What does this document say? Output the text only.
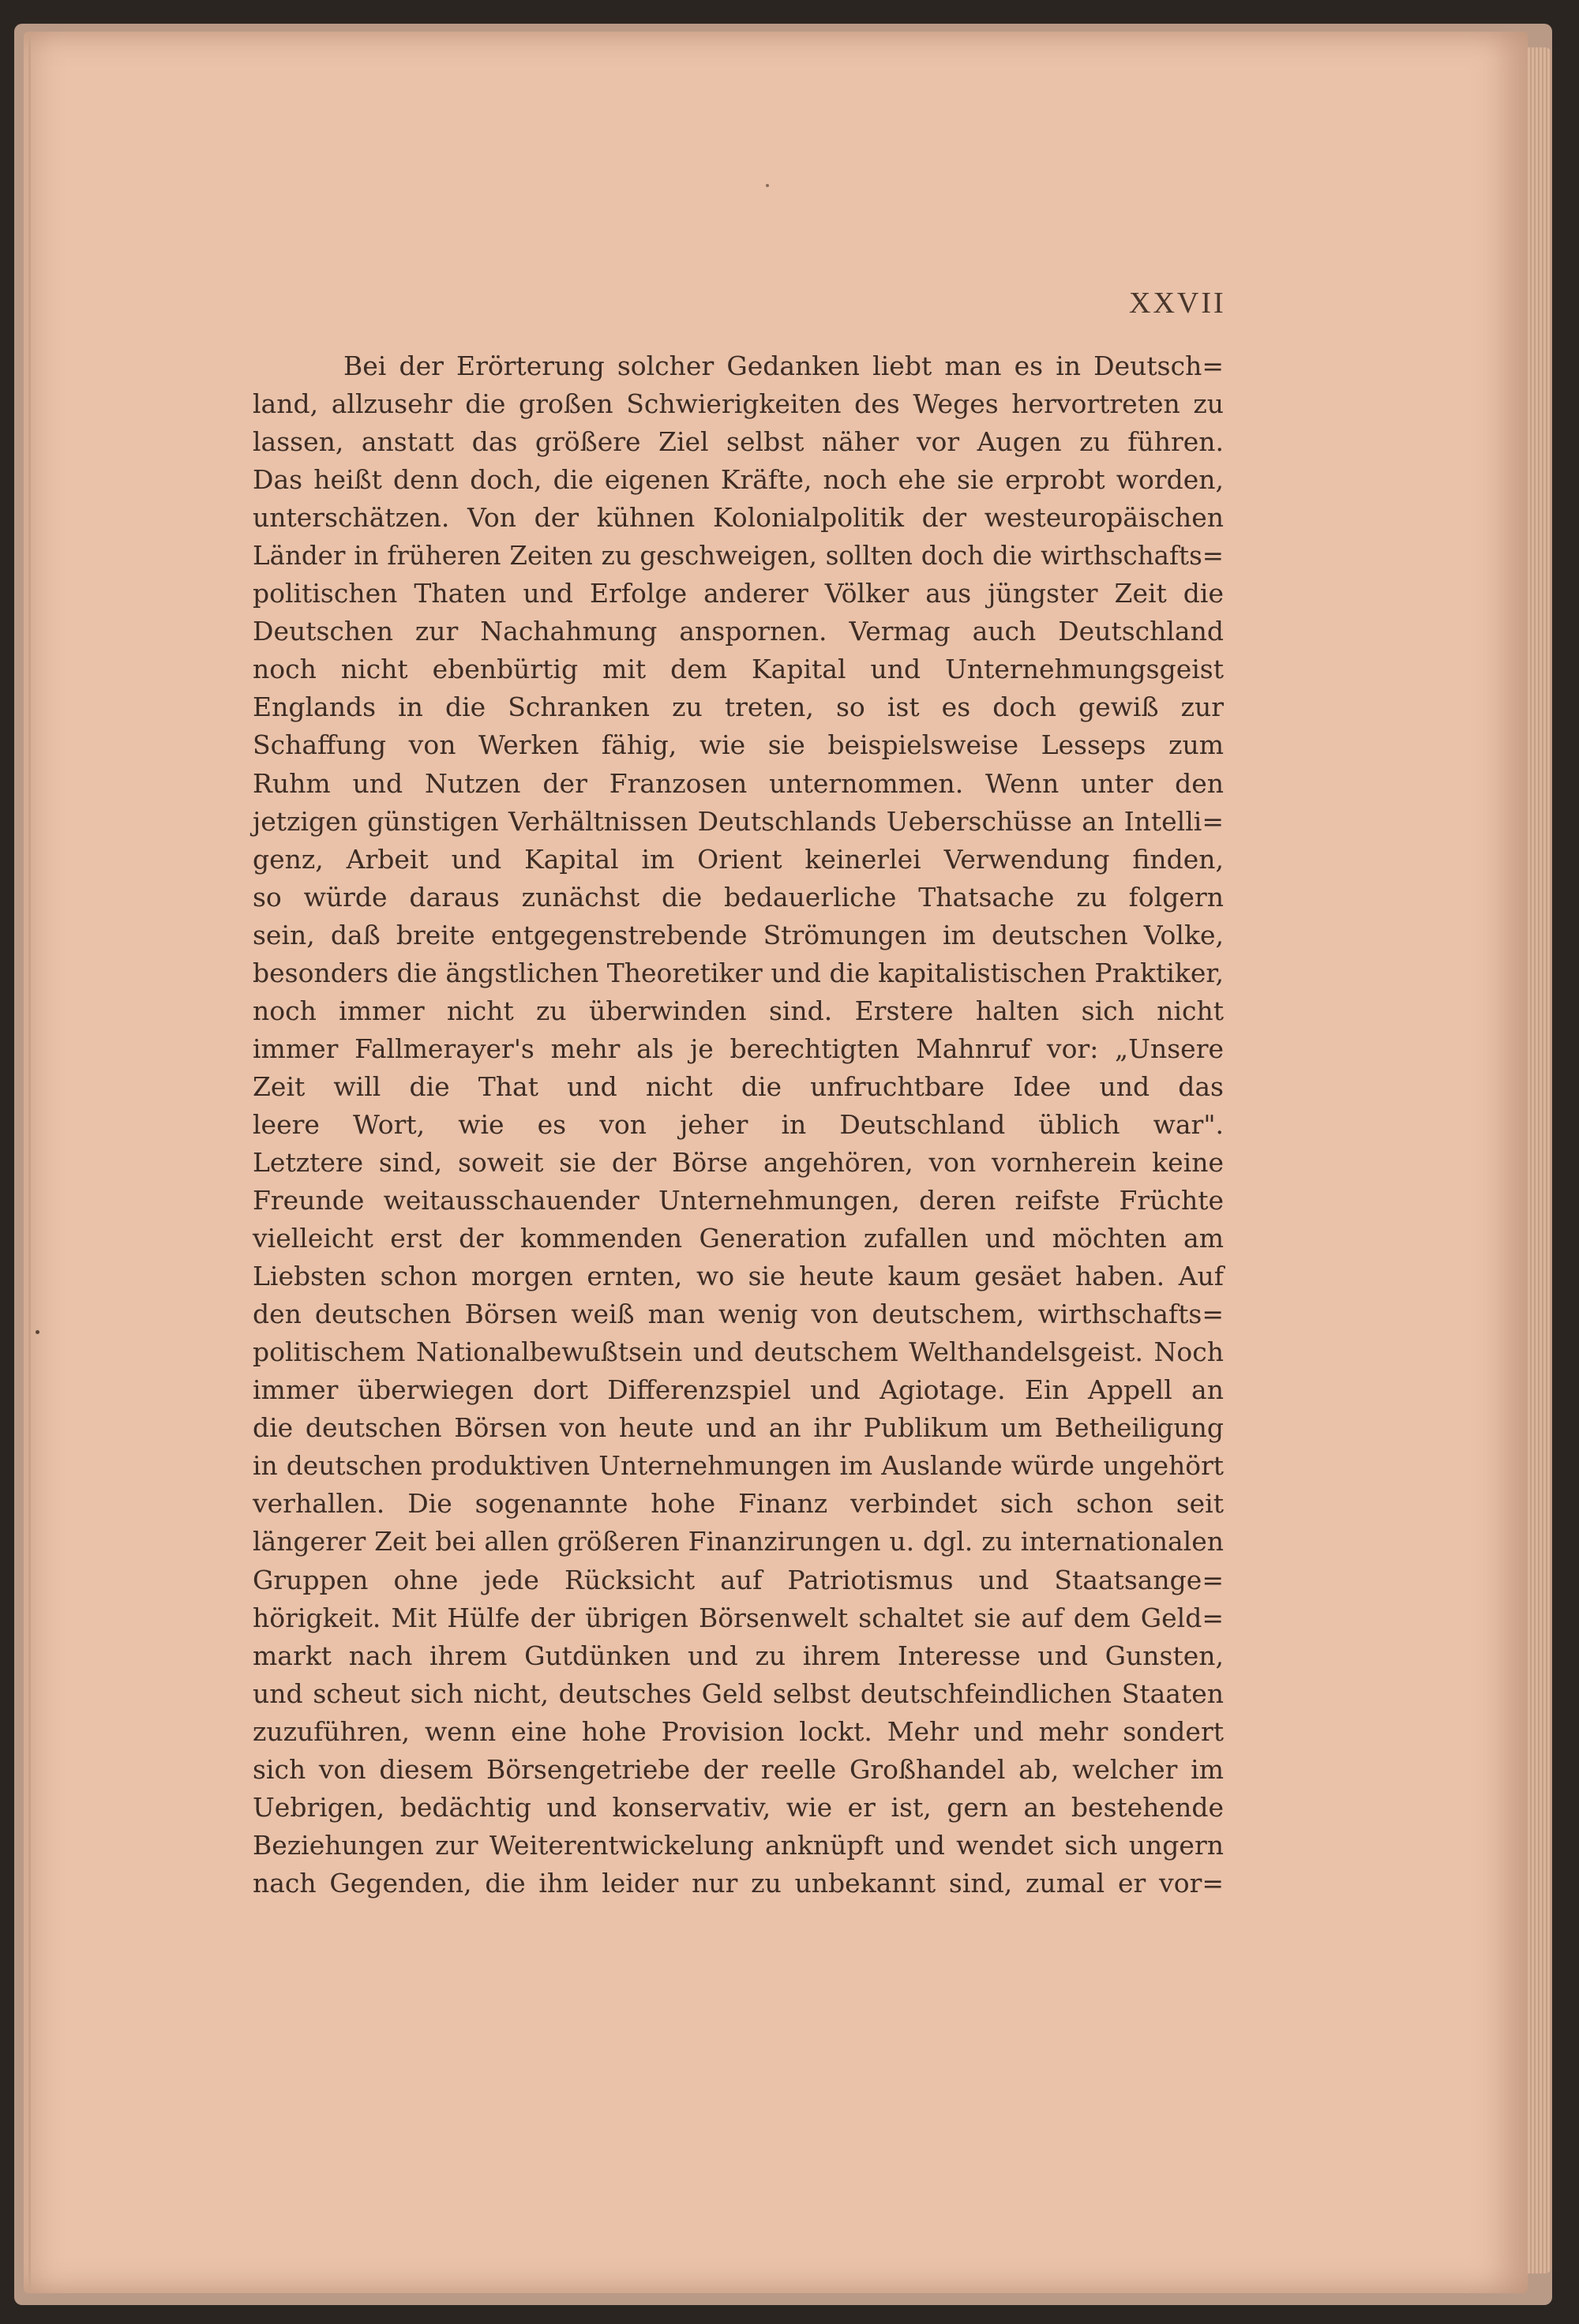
XXVII
Bei der Erörterung solcher Gedanken liebt man es in Deutsch=
land, allzusehr die großen Schwierigkeiten des Weges hervortreten zu
lassen, anstatt das größere Ziel selbst näher vor Augen zu führen.
Das heißt denn doch, die eigenen Kräfte, noch ehe sie erprobt worden,
unterschätzen. Von der kühnen Kolonialpolitik der westeuropäischen
Länder in früheren Zeiten zu geschweigen, sollten doch die wirthschafts=
politischen Thaten und Erfolge anderer Völker aus jüngster Zeit die
Deutschen zur Nachahmung anspornen. Vermag auch Deutschland
noch nicht ebenbürtig mit dem Kapital und Unternehmungsgeist
Englands in die Schranken zu treten, so ist es doch gewiß zur
Schaffung von Werken fähig, wie sie beispielsweise Lesseps zum
Ruhm und Nutzen der Franzosen unternommen. Wenn unter den
jetzigen günstigen Verhältnissen Deutschlands Ueberschüsse an Intelli=
genz, Arbeit und Kapital im Orient keinerlei Verwendung finden,
so würde daraus zunächst die bedauerliche Thatsache zu folgern
sein, daß breite entgegenstrebende Strömungen im deutschen Volke,
besonders die ängstlichen Theoretiker und die kapitalistischen Praktiker,
noch immer nicht zu überwinden sind. Erstere halten sich nicht
immer Fallmerayer's mehr als je berechtigten Mahnruf vor: „Unsere
Zeit will die That und nicht die unfruchtbare Idee und das
leere Wort, wie es von jeher in Deutschland üblich war".
Letztere sind, soweit sie der Börse angehören, von vornherein keine
Freunde weitausschauender Unternehmungen, deren reifste Früchte
vielleicht erst der kommenden Generation zufallen und möchten am
Liebsten schon morgen ernten, wo sie heute kaum gesäet haben. Auf
den deutschen Börsen weiß man wenig von deutschem, wirthschafts=
politischem Nationalbewußtsein und deutschem Welthandelsgeist. Noch
immer überwiegen dort Differenzspiel und Agiotage. Ein Appell an
die deutschen Börsen von heute und an ihr Publikum um Betheiligung
in deutschen produktiven Unternehmungen im Auslande würde ungehört
verhallen. Die sogenannte hohe Finanz verbindet sich schon seit
längerer Zeit bei allen größeren Finanzirungen u. dgl. zu internationalen
Gruppen ohne jede Rücksicht auf Patriotismus und Staatsange=
hörigkeit. Mit Hülfe der übrigen Börsenwelt schaltet sie auf dem Geld=
markt nach ihrem Gutdünken und zu ihrem Interesse und Gunsten,
und scheut sich nicht, deutsches Geld selbst deutschfeindlichen Staaten
zuzuführen, wenn eine hohe Provision lockt. Mehr und mehr sondert
sich von diesem Börsengetriebe der reelle Großhandel ab, welcher im
Uebrigen, bedächtig und konservativ, wie er ist, gern an bestehende
Beziehungen zur Weiterentwickelung anknüpft und wendet sich ungern
nach Gegenden, die ihm leider nur zu unbekannt sind, zumal er vor=
